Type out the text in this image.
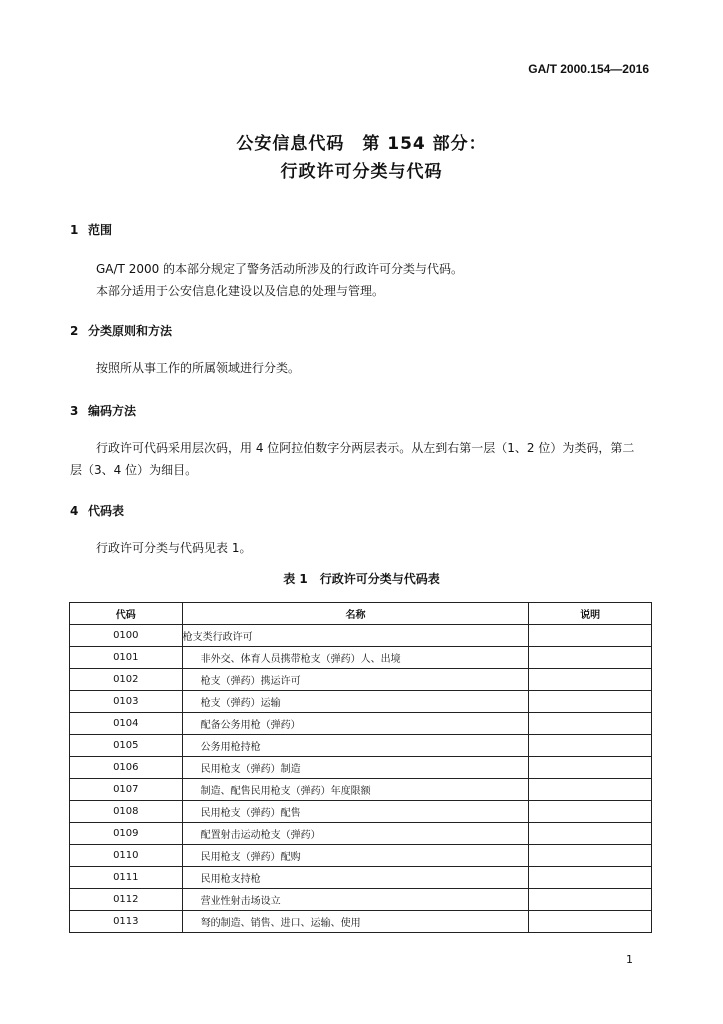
GA/T 2000.154—2016
公安信息代码　第 154 部分：
行政许可分类与代码
1 范围
GA/T 2000 的本部分规定了警务活动所涉及的行政许可分类与代码。
本部分适用于公安信息化建设以及信息的处理与管理。
2 分类原则和方法
按照所从事工作的所属领域进行分类。
3 编码方法
行政许可代码采用层次码，用 4 位阿拉伯数字分两层表示。从左到右第一层（1、2 位）为类码，第二
层（3、4 位）为细目。
4 代码表
行政许可分类与代码见表 1。
表 1　行政许可分类与代码表
代码	名称	说明
0100	枪支类行政许可	
0101	非外交、体育人员携带枪支（弹药）人、出境	
0102	枪支（弹药）携运许可	
0103	枪支（弹药）运输	
0104	配备公务用枪（弹药）	
0105	公务用枪持枪	
0106	民用枪支（弹药）制造	
0107	制造、配售民用枪支（弹药）年度限额	
0108	民用枪支（弹药）配售	
0109	配置射击运动枪支（弹药）	
0110	民用枪支（弹药）配购	
0111	民用枪支持枪	
0112	营业性射击场设立	
0113	弩的制造、销售、进口、运输、使用	
1
